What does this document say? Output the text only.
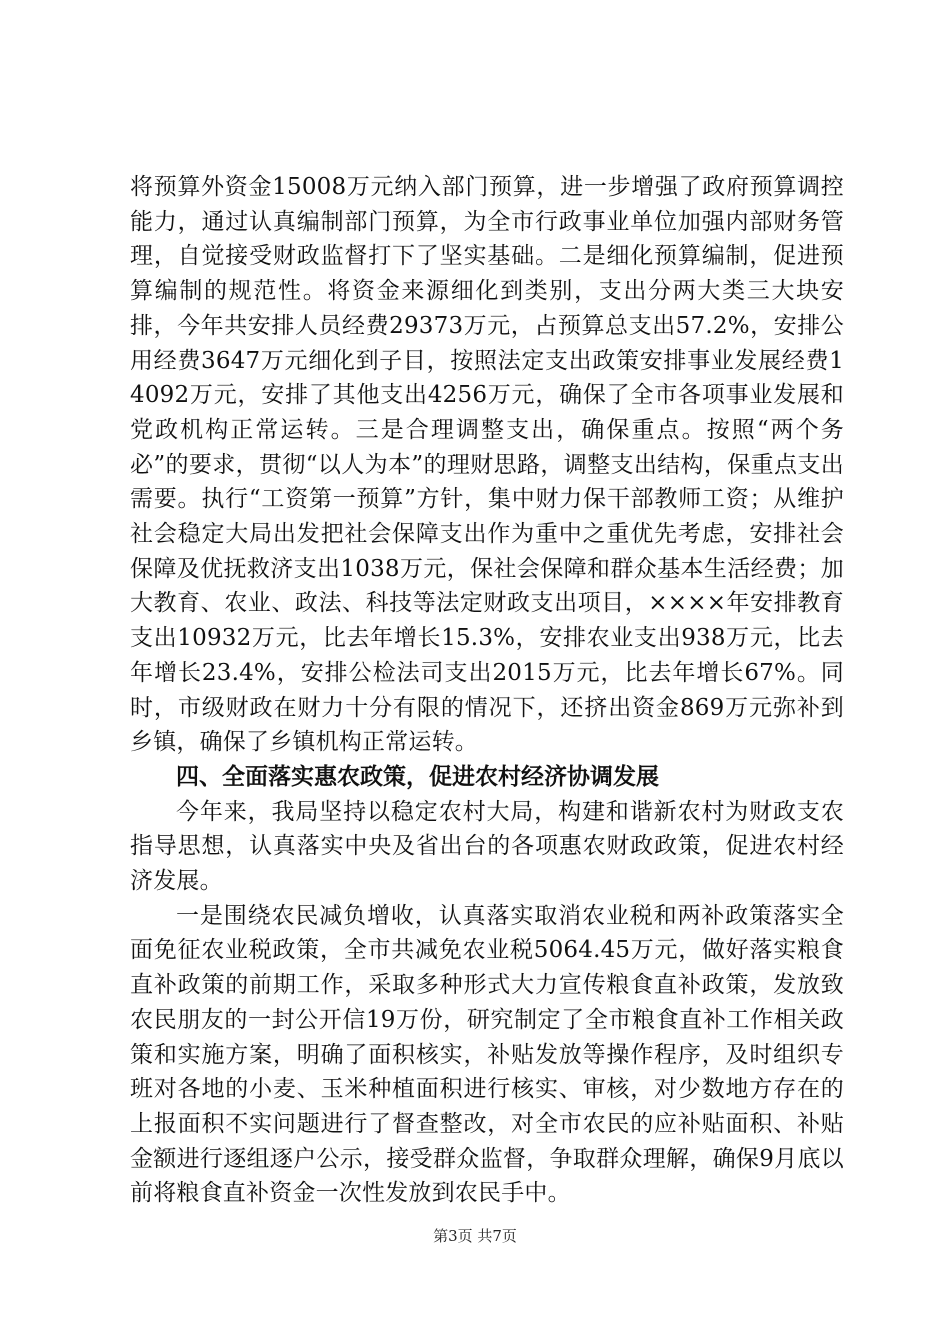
将预算外资金15008万元纳入部门预算，进一步增强了政府预算调控能力，通过认真编制部门预算，为全市行政事业单位加强内部财务管理，自觉接受财政监督打下了坚实基础。二是细化预算编制，促进预算编制的规范性。将资金来源细化到类别，支出分两大类三大块安排，今年共安排人员经费29373万元，占预算总支出57.2%，安排公用经费3647万元细化到子目，按照法定支出政策安排事业发展经费14092万元，安排了其他支出4256万元，确保了全市各项事业发展和党政机构正常运转。三是合理调整支出，确保重点。按照“两个务必”的要求，贯彻“以人为本”的理财思路，调整支出结构，保重点支出需要。执行“工资第一预算”方针，集中财力保干部教师工资；从维护社会稳定大局出发把社会保障支出作为重中之重优先考虑，安排社会保障及优抚救济支出1038万元，保社会保障和群众基本生活经费；加大教育、农业、政法、科技等法定财政支出项目，××××年安排教育支出10932万元，比去年增长15.3%，安排农业支出938万元，比去年增长23.4%，安排公检法司支出2015万元，比去年增长67%。同时，市级财政在财力十分有限的情况下，还挤出资金869万元弥补到乡镇，确保了乡镇机构正常运转。

四、全面落实惠农政策，促进农村经济协调发展

今年来，我局坚持以稳定农村大局，构建和谐新农村为财政支农指导思想，认真落实中央及省出台的各项惠农财政政策，促进农村经济发展。

一是围绕农民减负增收，认真落实取消农业税和两补政策落实全面免征农业税政策，全市共减免农业税5064.45万元，做好落实粮食直补政策的前期工作，采取多种形式大力宣传粮食直补政策，发放致农民朋友的一封公开信19万份，研究制定了全市粮食直补工作相关政策和实施方案，明确了面积核实，补贴发放等操作程序，及时组织专班对各地的小麦、玉米种植面积进行核实、审核，对少数地方存在的上报面积不实问题进行了督查整改，对全市农民的应补贴面积、补贴金额进行逐组逐户公示，接受群众监督，争取群众理解，确保9月底以前将粮食直补资金一次性发放到农民手中。

第3页 共7页
